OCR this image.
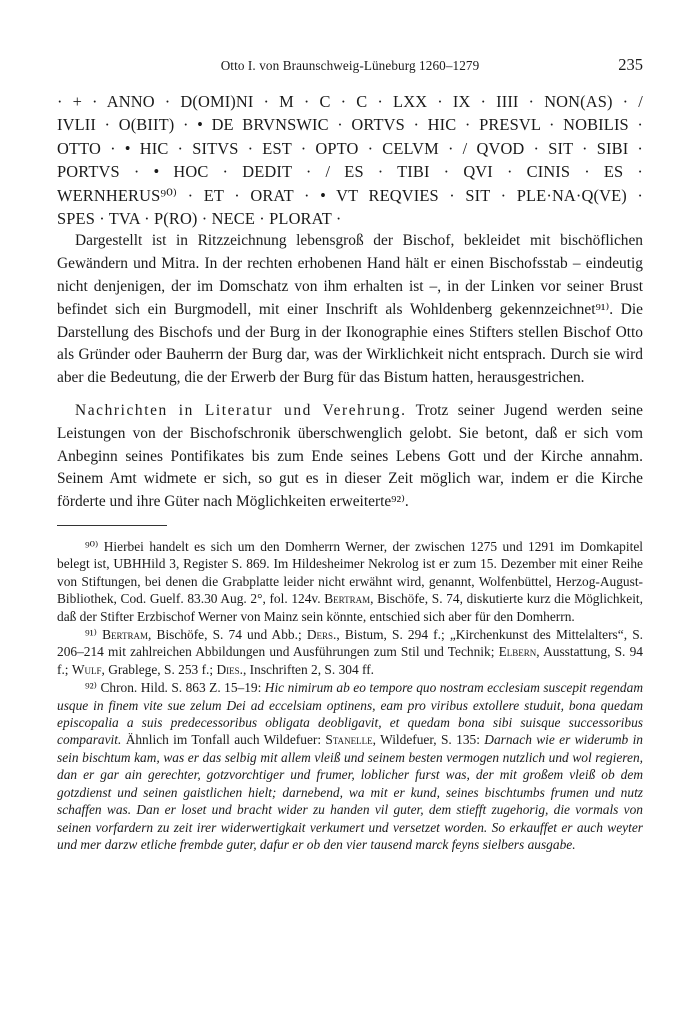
Otto I. von Braunschweig-Lüneburg 1260–1279	235

· + · ANNO · D(OMI)NI · M · C · C · LXX · IX · IIII · NON(AS) · /

IVLII · O(BIIT) · • DE BRVNSWIC · ORTVS · HIC · PRESVL · NOBILIS ·

OTTO · • HIC · SITVS · EST · OPTO · CELVM · / QVOD · SIT · SIBI ·

PORTVS · • HOC · DEDIT · / ES · TIBI · QVI · CINIS · ES ·

WERNHERUS⁹⁰⁾ · ET · ORAT · • VT REQVIES · SIT · PLE·NA·Q(VE) ·

SPES · TVA · P(RO) · NECE · PLORAT ·

Dargestellt ist in Ritzzeichnung lebensgroß der Bischof, bekleidet mit bischöflichen Gewändern und Mitra. In der rechten erhobenen Hand hält er einen Bischofsstab – eindeutig nicht denjenigen, der im Domschatz von ihm erhalten ist –, in der Linken vor seiner Brust befindet sich ein Burgmodell, mit einer Inschrift als Wohldenberg gekennzeichnet⁹¹⁾. Die Darstellung des Bischofs und der Burg in der Ikonographie eines Stifters stellen Bischof Otto als Gründer oder Bauherrn der Burg dar, was der Wirklichkeit nicht entsprach. Durch sie wird aber die Bedeutung, die der Erwerb der Burg für das Bistum hatten, herausgestrichen.

Nachrichten in Literatur und Verehrung. Trotz seiner Jugend werden seine Leistungen von der Bischofschronik überschwenglich gelobt. Sie betont, daß er sich vom Anbeginn seines Pontifikates bis zum Ende seines Lebens Gott und der Kirche annahm. Seinem Amt widmete er sich, so gut es in dieser Zeit möglich war, indem er die Kirche förderte und ihre Güter nach Möglichkeiten erweiterte⁹²⁾.

⁹⁰⁾ Hierbei handelt es sich um den Domherrn Werner, der zwischen 1275 und 1291 im Domkapitel belegt ist, UBHHild 3, Register S. 869. Im Hildesheimer Nekrolog ist er zum 15. Dezember mit einer Reihe von Stiftungen, bei denen die Grabplatte leider nicht erwähnt wird, genannt, Wolfenbüttel, Herzog-August-Bibliothek, Cod. Guelf. 83.30 Aug. 2°, fol. 124v. Bertram, Bischöfe, S. 74, diskutierte kurz die Möglichkeit, daß der Stifter Erzbischof Werner von Mainz sein könnte, entschied sich aber für den Domherrn.

⁹¹⁾ Bertram, Bischöfe, S. 74 und Abb.; Ders., Bistum, S. 294 f.; „Kirchenkunst des Mittelalters“, S. 206–214 mit zahlreichen Abbildungen und Ausführungen zum Stil und Technik; Elbern, Ausstattung, S. 94 f.; Wulf, Grablege, S. 253 f.; Dies., Inschriften 2, S. 304 ff.

⁹²⁾ Chron. Hild. S. 863 Z. 15–19: Hic nimirum ab eo tempore quo nostram ecclesiam suscepit regendam usque in finem vite sue zelum Dei ad eccelsiam optinens, eam pro viribus extollere studuit, bona quedam episcopalia a suis predecessoribus obligata deobligavit, et quedam bona sibi suisque successoribus comparavit. Ähnlich im Tonfall auch Wildefuer: Stanelle, Wildefuer, S. 135: Darnach wie er widerumb in sein bischtum kam, was er das selbig mit allem vleiß und seinem besten vermogen nutzlich und wol regieren, dan er gar ain gerechter, gotzvorchtiger und frumer, loblicher furst was, der mit großem vleiß ob dem gotzdienst und seinen gaistlichen hielt; darnebend, wa mit er kund, seines bischtumbs frumen und nutz schaffen was. Dan er loset und bracht wider zu handen vil guter, dem stiefft zugehorig, die vormals von seinen vorfardern zu zeit irer widerwertigkait verkumert und versetzet worden. So erkauffet er auch weyter und mer darzw etliche frembde guter, dafur er ob den vier tausend marck feyns sielbers ausgabe.
